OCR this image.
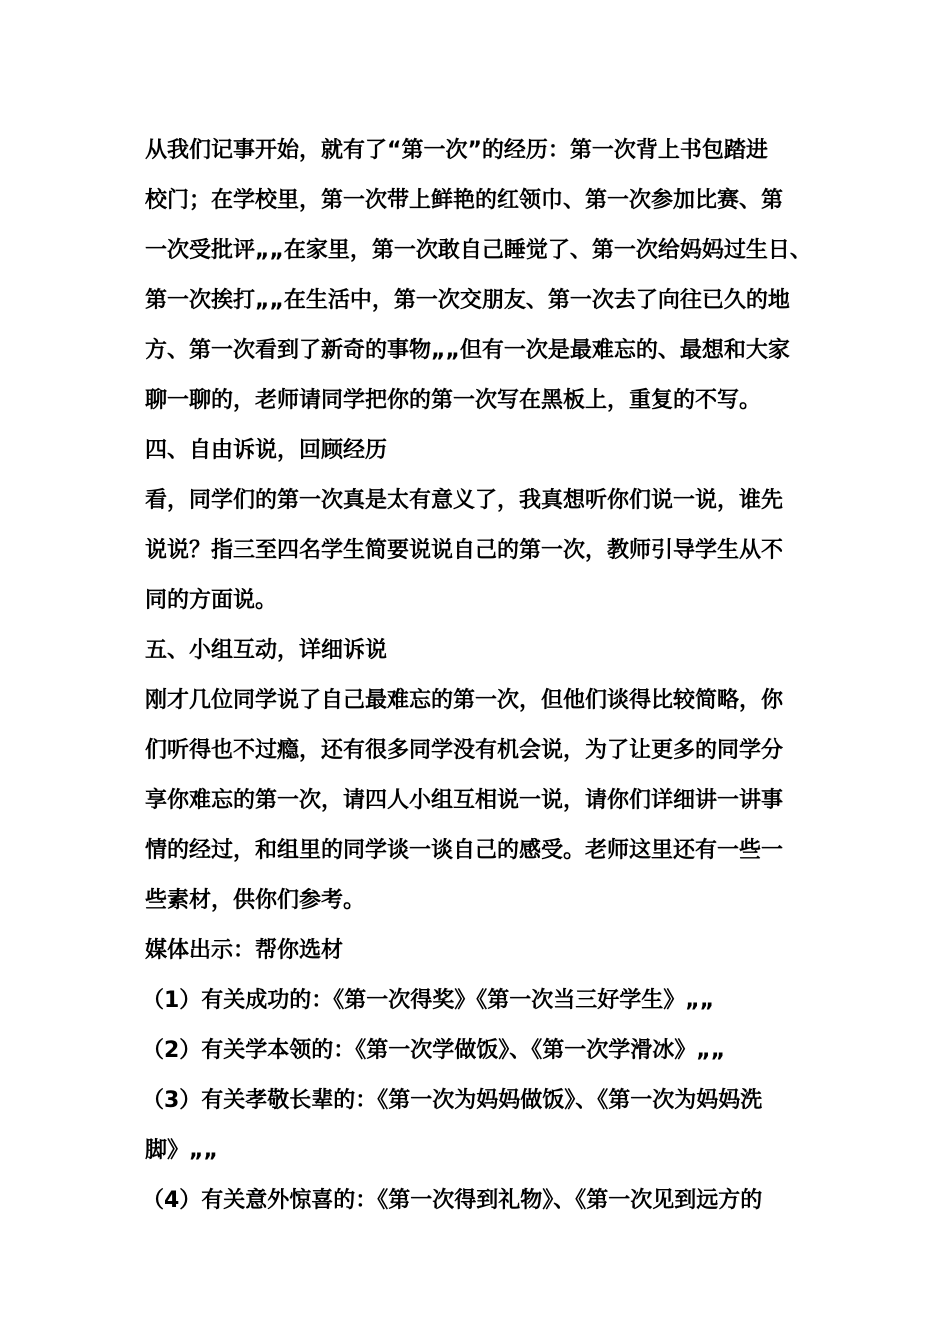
从我们记事开始，就有了“第一次”的经历：第一次背上书包踏进
校门；在学校里，第一次带上鲜艳的红领巾、第一次参加比赛、第
一次受批评„„在家里，第一次敢自己睡觉了、第一次给妈妈过生日、
第一次挨打„„在生活中，第一次交朋友、第一次去了向往已久的地
方、第一次看到了新奇的事物„„但有一次是最难忘的、最想和大家
聊一聊的，老师请同学把你的第一次写在黑板上，重复的不写。
四、自由诉说，回顾经历
看，同学们的第一次真是太有意义了，我真想听你们说一说，谁先
说说？指三至四名学生简要说说自己的第一次，教师引导学生从不
同的方面说。
五、小组互动，详细诉说
刚才几位同学说了自己最难忘的第一次，但他们谈得比较简略，你
们听得也不过瘾，还有很多同学没有机会说，为了让更多的同学分
享你难忘的第一次，请四人小组互相说一说，请你们详细讲一讲事
情的经过，和组里的同学谈一谈自己的感受。老师这里还有一些一
些素材，供你们参考。
媒体出示：帮你选材
（1）有关成功的：《第一次得奖》《第一次当三好学生》„„
（2）有关学本领的：《第一次学做饭》、《第一次学滑冰》„„
（3）有关孝敬长辈的：《第一次为妈妈做饭》、《第一次为妈妈洗
脚》„„
（4）有关意外惊喜的：《第一次得到礼物》、《第一次见到远方的
